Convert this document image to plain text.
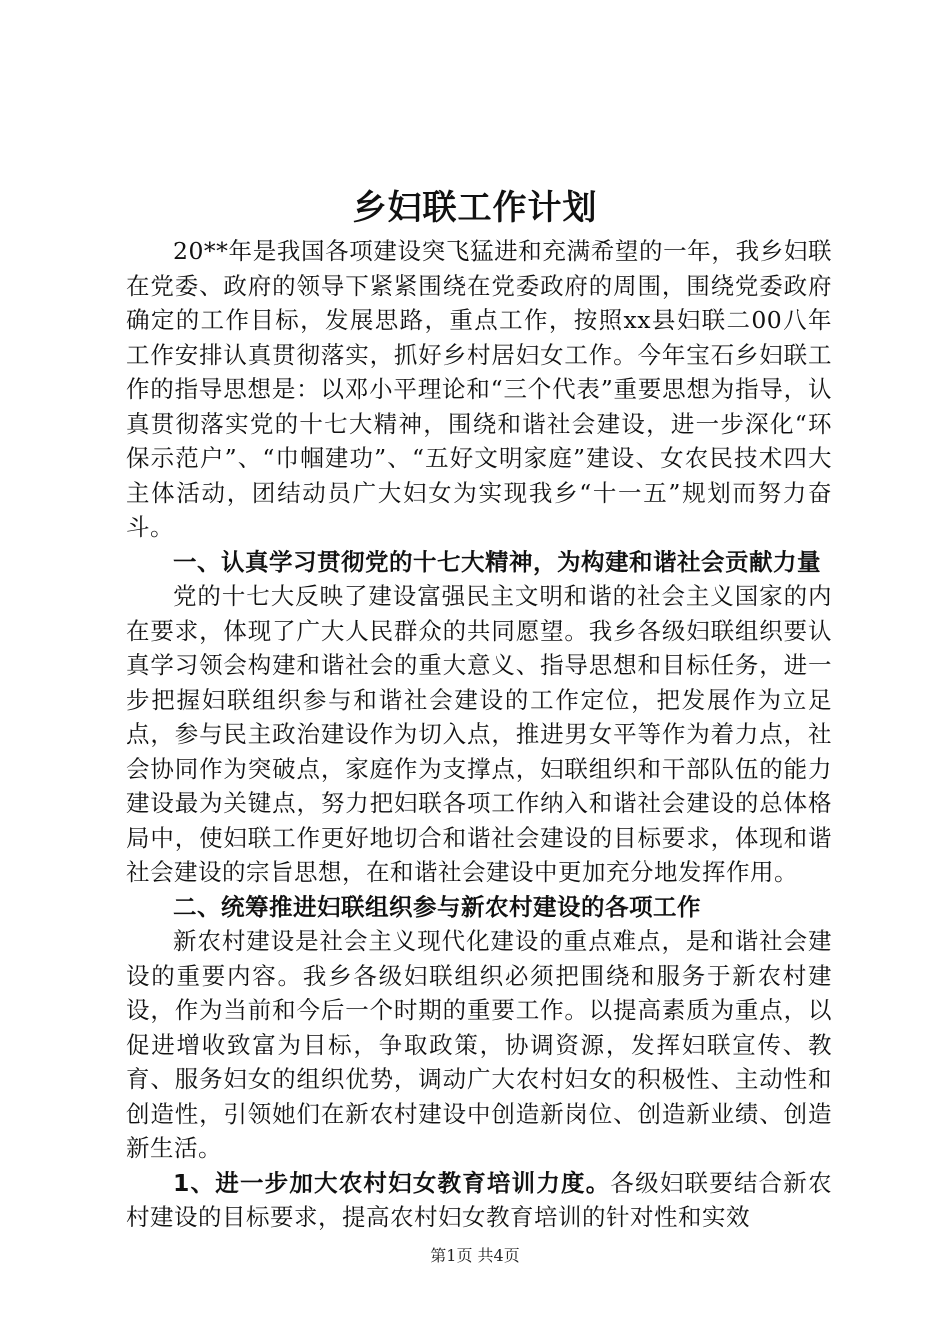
乡妇联工作计划

20**年是我国各项建设突飞猛进和充满希望的一年，我乡妇联在党委、政府的领导下紧紧围绕在党委政府的周围，围绕党委政府确定的工作目标，发展思路，重点工作，按照xx县妇联二00八年工作安排认真贯彻落实，抓好乡村居妇女工作。今年宝石乡妇联工作的指导思想是：以邓小平理论和“三个代表”重要思想为指导，认真贯彻落实党的十七大精神，围绕和谐社会建设，进一步深化“环保示范户”、“巾帼建功”、“五好文明家庭”建设、女农民技术四大主体活动，团结动员广大妇女为实现我乡“十一五”规划而努力奋斗。

一、认真学习贯彻党的十七大精神，为构建和谐社会贡献力量

党的十七大反映了建设富强民主文明和谐的社会主义国家的内在要求，体现了广大人民群众的共同愿望。我乡各级妇联组织要认真学习领会构建和谐社会的重大意义、指导思想和目标任务，进一步把握妇联组织参与和谐社会建设的工作定位，把发展作为立足点，参与民主政治建设作为切入点，推进男女平等作为着力点，社会协同作为突破点，家庭作为支撑点，妇联组织和干部队伍的能力建设最为关键点，努力把妇联各项工作纳入和谐社会建设的总体格局中，使妇联工作更好地切合和谐社会建设的目标要求，体现和谐社会建设的宗旨思想，在和谐社会建设中更加充分地发挥作用。

二、统筹推进妇联组织参与新农村建设的各项工作

新农村建设是社会主义现代化建设的重点难点，是和谐社会建设的重要内容。我乡各级妇联组织必须把围绕和服务于新农村建设，作为当前和今后一个时期的重要工作。以提高素质为重点，以促进增收致富为目标，争取政策，协调资源，发挥妇联宣传、教育、服务妇女的组织优势，调动广大农村妇女的积极性、主动性和创造性，引领她们在新农村建设中创造新岗位、创造新业绩、创造新生活。

1、进一步加大农村妇女教育培训力度。各级妇联要结合新农村建设的目标要求，提高农村妇女教育培训的针对性和实效

第1页 共4页
